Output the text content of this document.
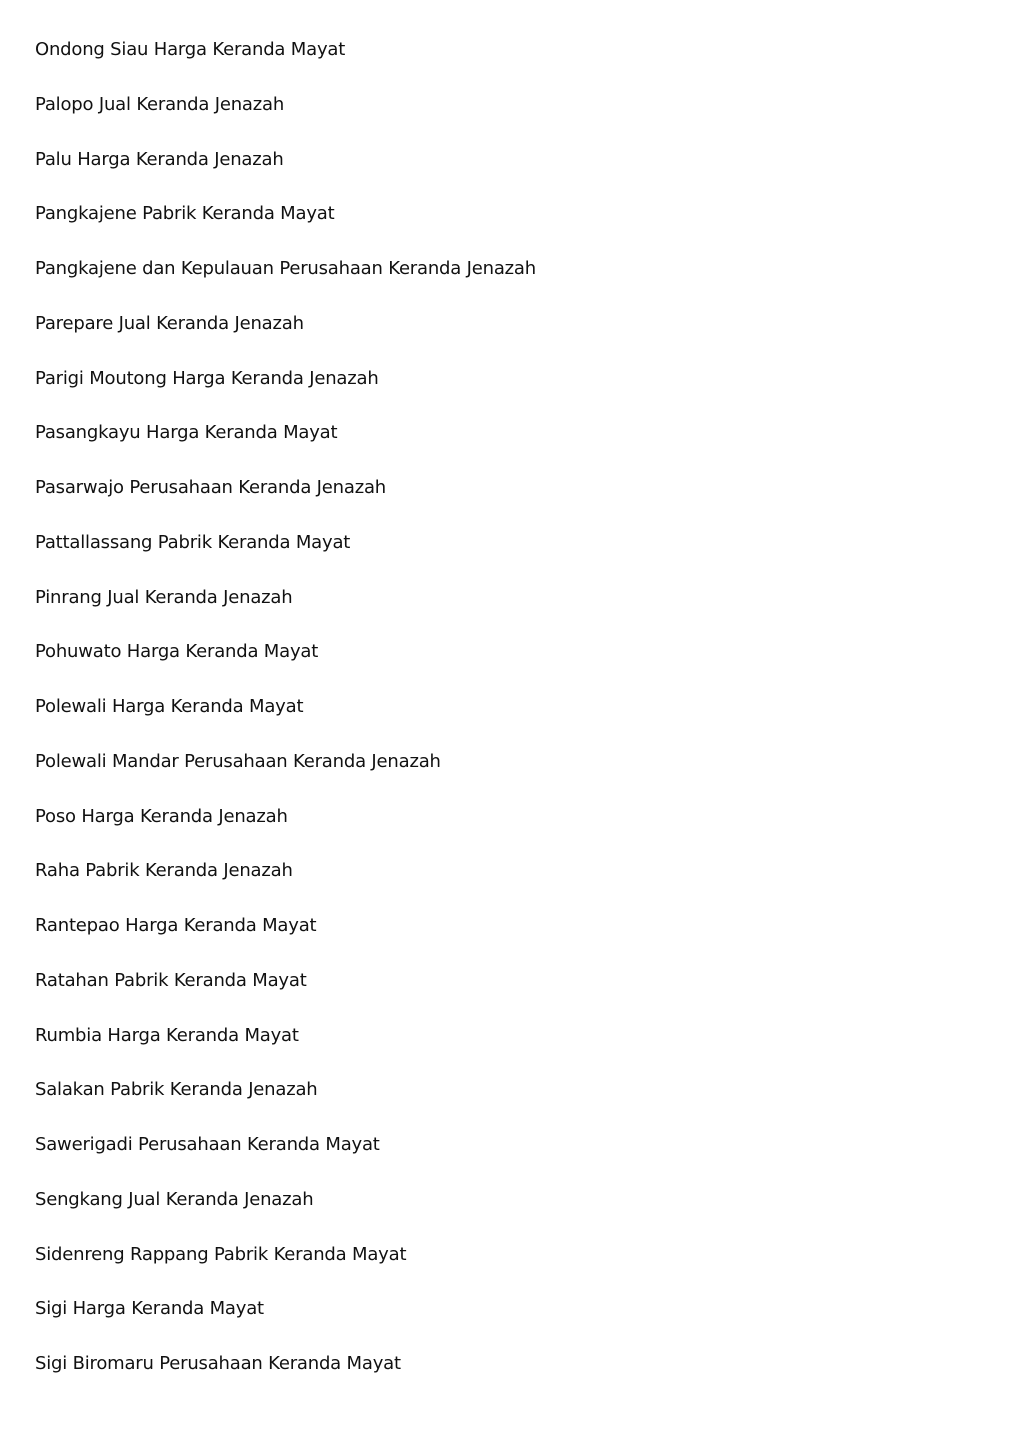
Ondong Siau Harga Keranda Mayat
Palopo Jual Keranda Jenazah
Palu Harga Keranda Jenazah
Pangkajene Pabrik Keranda Mayat
Pangkajene dan Kepulauan Perusahaan Keranda Jenazah
Parepare Jual Keranda Jenazah
Parigi Moutong Harga Keranda Jenazah
Pasangkayu Harga Keranda Mayat
Pasarwajo Perusahaan Keranda Jenazah
Pattallassang Pabrik Keranda Mayat
Pinrang Jual Keranda Jenazah
Pohuwato Harga Keranda Mayat
Polewali Harga Keranda Mayat
Polewali Mandar Perusahaan Keranda Jenazah
Poso Harga Keranda Jenazah
Raha Pabrik Keranda Jenazah
Rantepao Harga Keranda Mayat
Ratahan Pabrik Keranda Mayat
Rumbia Harga Keranda Mayat
Salakan Pabrik Keranda Jenazah
Sawerigadi Perusahaan Keranda Mayat
Sengkang Jual Keranda Jenazah
Sidenreng Rappang Pabrik Keranda Mayat
Sigi Harga Keranda Mayat
Sigi Biromaru Perusahaan Keranda Mayat
